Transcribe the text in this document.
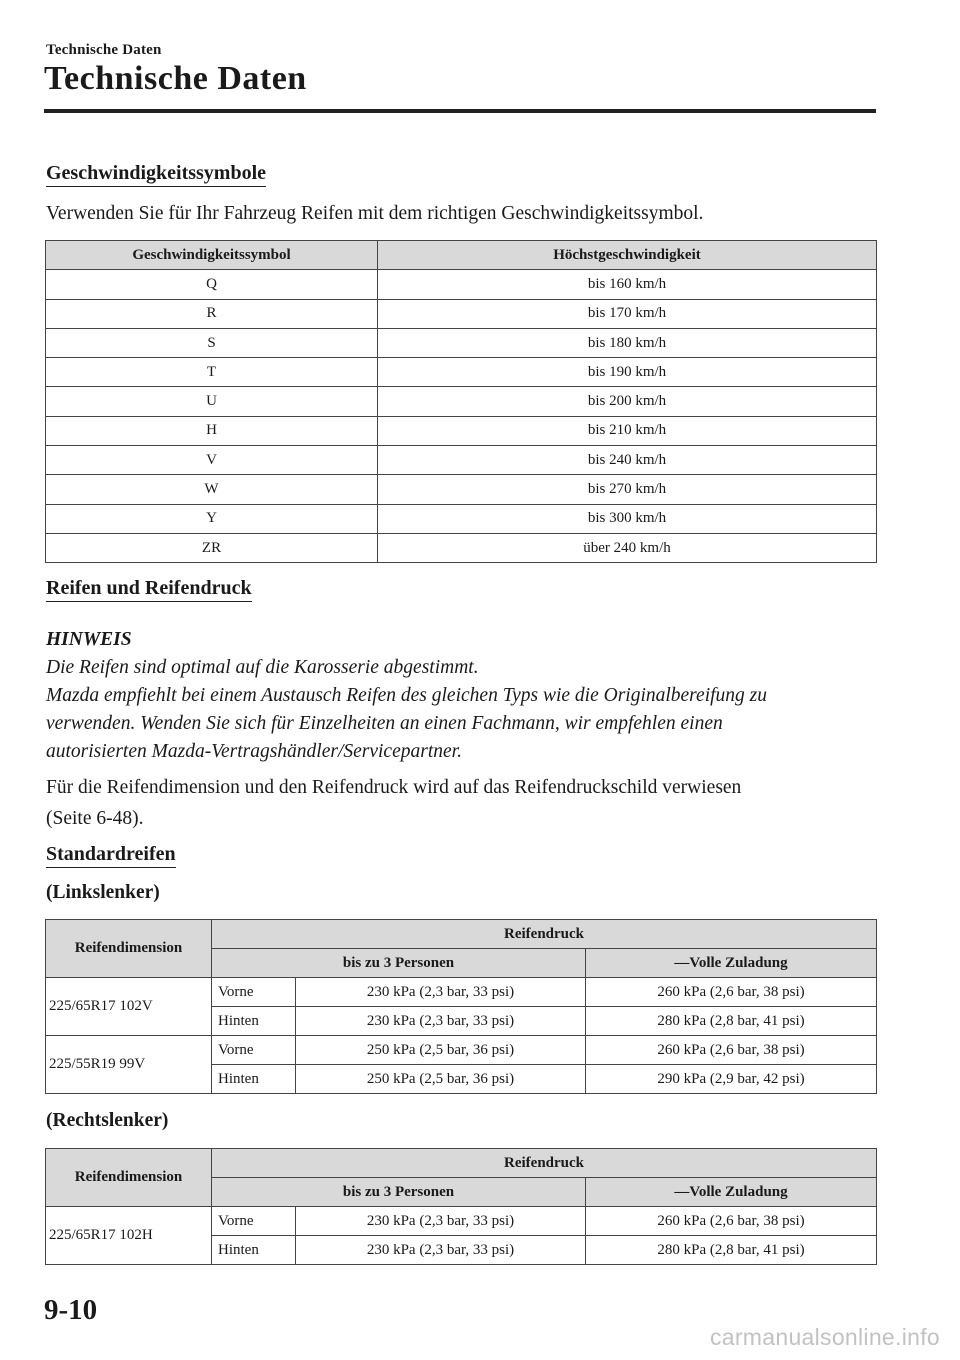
Technische Daten
Technische Daten
Geschwindigkeitssymbole
Verwenden Sie für Ihr Fahrzeug Reifen mit dem richtigen Geschwindigkeitssymbol.
Geschwindigkeitssymbol	Höchstgeschwindigkeit
Q	bis 160 km/h
R	bis 170 km/h
S	bis 180 km/h
T	bis 190 km/h
U	bis 200 km/h
H	bis 210 km/h
V	bis 240 km/h
W	bis 270 km/h
Y	bis 300 km/h
ZR	über 240 km/h
Reifen und Reifendruck
HINWEIS
Die Reifen sind optimal auf die Karosserie abgestimmt.
Mazda empfiehlt bei einem Austausch Reifen des gleichen Typs wie die Originalbereifung zu
verwenden. Wenden Sie sich für Einzelheiten an einen Fachmann, wir empfehlen einen
autorisierten Mazda-Vertragshändler/Servicepartner.
Für die Reifendimension und den Reifendruck wird auf das Reifendruckschild verwiesen
(Seite 6-48).
Standardreifen
(Linkslenker)
Reifendimension	Reifendruck		
	bis zu 3 Personen		—Volle Zuladung
225/65R17 102V	Vorne	230 kPa (2,3 bar, 33 psi)	260 kPa (2,6 bar, 38 psi)
	Hinten	230 kPa (2,3 bar, 33 psi)	280 kPa (2,8 bar, 41 psi)
225/55R19 99V	Vorne	250 kPa (2,5 bar, 36 psi)	260 kPa (2,6 bar, 38 psi)
	Hinten	250 kPa (2,5 bar, 36 psi)	290 kPa (2,9 bar, 42 psi)
(Rechtslenker)
Reifendimension	Reifendruck		
	bis zu 3 Personen		—Volle Zuladung
225/65R17 102H	Vorne	230 kPa (2,3 bar, 33 psi)	260 kPa (2,6 bar, 38 psi)
	Hinten	230 kPa (2,3 bar, 33 psi)	280 kPa (2,8 bar, 41 psi)
9-10
carmanualsonline.info
